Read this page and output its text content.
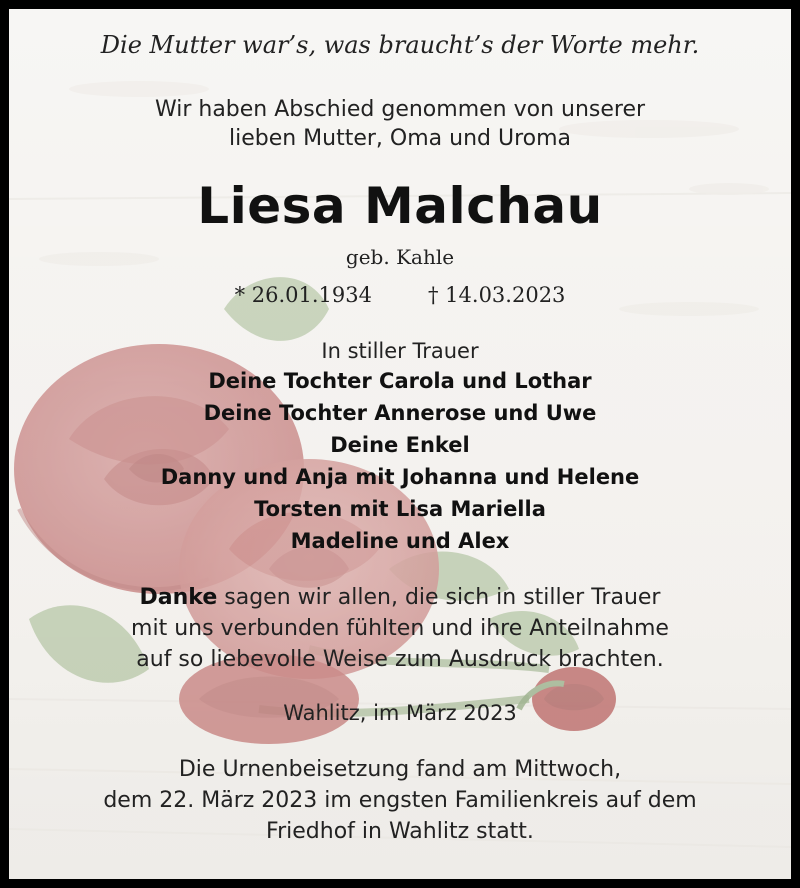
Die Mutter war’s, was braucht’s der Worte mehr.
Wir haben Abschied genommen von unserer
lieben Mutter, Oma und Uroma
Liesa Malchau
geb. Kahle
* 26.01.1934	† 14.03.2023
In stiller Trauer
Deine Tochter Carola und Lothar
Deine Tochter Annerose und Uwe
Deine Enkel
Danny und Anja mit Johanna und Helene
Torsten mit Lisa Mariella
Madeline und Alex
Danke sagen wir allen, die sich in stiller Trauer
mit uns verbunden fühlten und ihre Anteilnahme
auf so liebevolle Weise zum Ausdruck brachten.
Wahlitz, im März 2023
Die Urnenbeisetzung fand am Mittwoch,
dem 22. März 2023 im engsten Familienkreis auf dem
Friedhof in Wahlitz statt.
